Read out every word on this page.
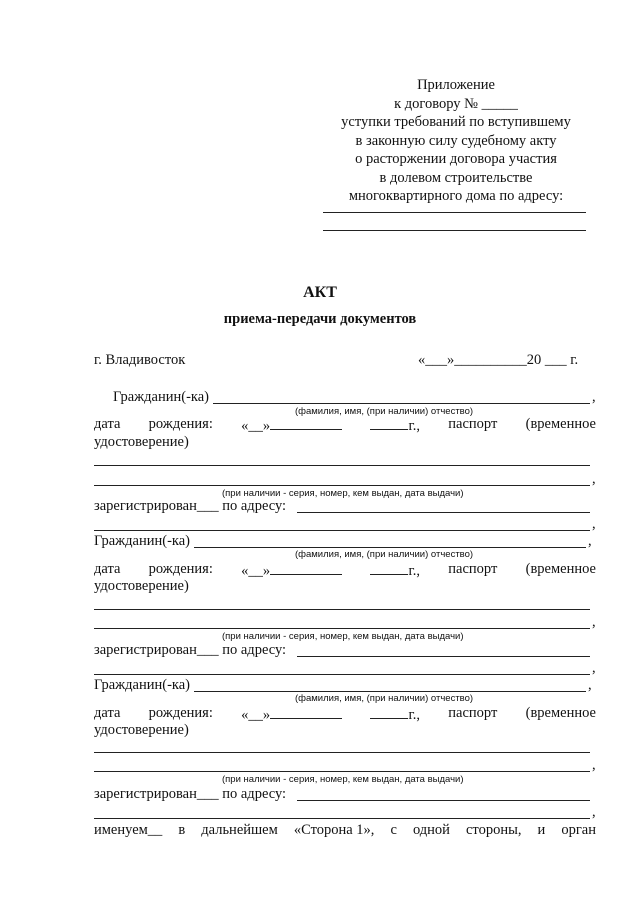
Приложение
к договору № _____
уступки требований по вступившему
в законную силу судебному акту
о расторжении договора участия
в долевом строительстве
многоквартирного дома по адресу:
АКТ
приема-передачи документов
г. Владивосток	«___»__________20 ___ г.
Гражданин(-ка)	,
(фамилия, имя, (при наличии) отчество)
дата рождения: «__»	г., паспорт (временное
удостоверение)
,
(при наличии - серия, номер, кем выдан, дата выдачи)
зарегистрирован___ по адресу:
,
Гражданин(-ка)	,
(фамилия, имя, (при наличии) отчество)
дата рождения: «__»	г., паспорт (временное
удостоверение)
,
(при наличии - серия, номер, кем выдан, дата выдачи)
зарегистрирован___ по адресу:
,
Гражданин(-ка)	,
(фамилия, имя, (при наличии) отчество)
дата рождения: «__»	г., паспорт (временное
удостоверение)
,
(при наличии - серия, номер, кем выдан, дата выдачи)
зарегистрирован___ по адресу:
,
именуем__ в дальнейшем «Сторона 1», с одной стороны, и орган
